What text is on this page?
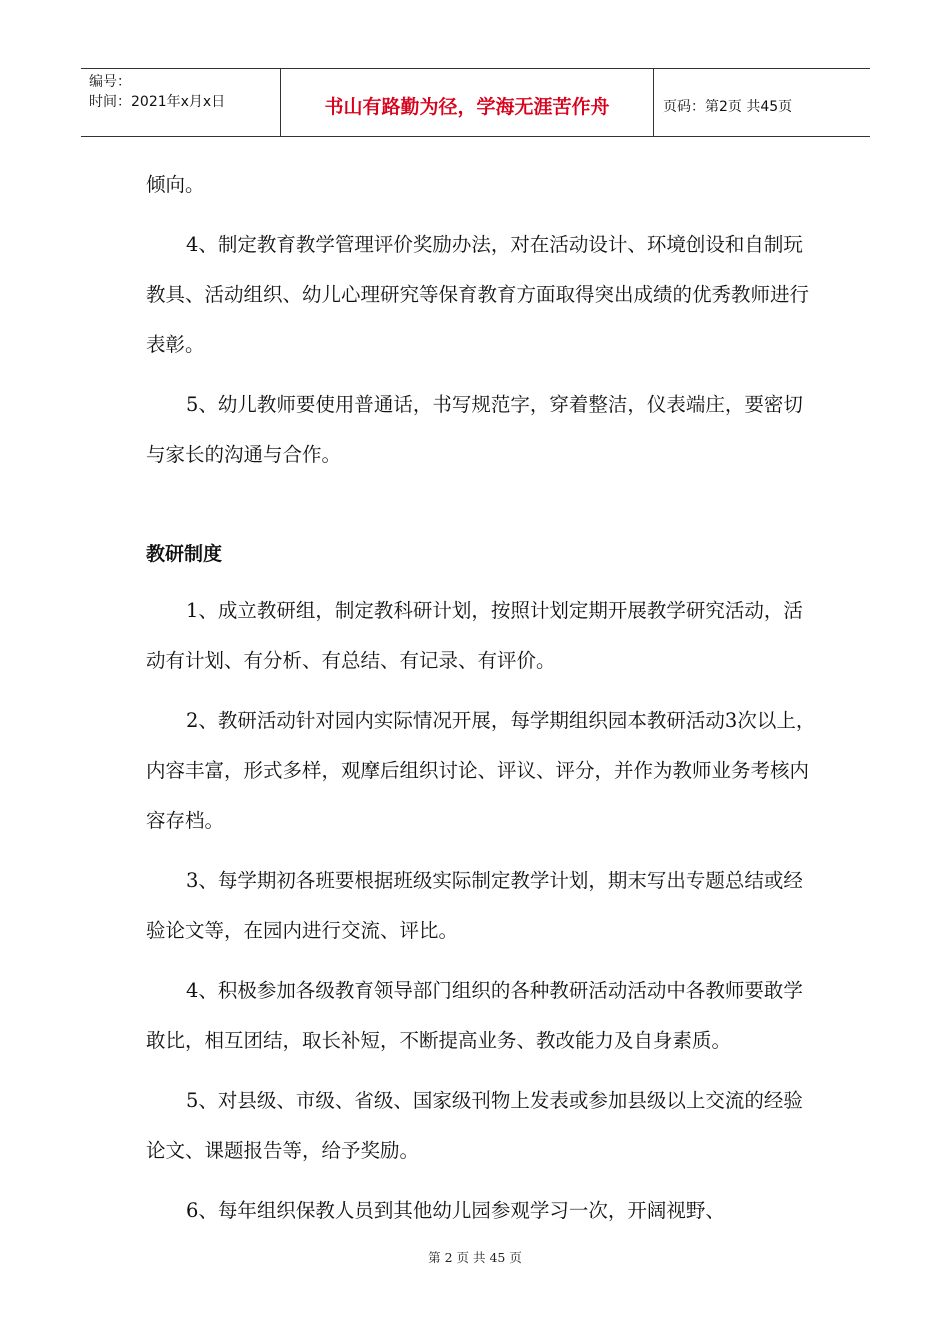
编号：
时间：2021年x月x日	书山有路勤为径，学海无涯苦作舟	页码：第2页 共45页

倾向。

4、制定教育教学管理评价奖励办法，对在活动设计、环境创设和自制玩教具、活动组织、幼儿心理研究等保育教育方面取得突出成绩的优秀教师进行表彰。

5、幼儿教师要使用普通话，书写规范字，穿着整洁，仪表端庄，要密切与家长的沟通与合作。

教研制度

1、成立教研组，制定教科研计划，按照计划定期开展教学研究活动，活动有计划、有分析、有总结、有记录、有评价。

2、教研活动针对园内实际情况开展，每学期组织园本教研活动3次以上，内容丰富，形式多样，观摩后组织讨论、评议、评分，并作为教师业务考核内容存档。

3、每学期初各班要根据班级实际制定教学计划，期末写出专题总结或经验论文等，在园内进行交流、评比。

4、积极参加各级教育领导部门组织的各种教研活动活动中各教师要敢学敢比，相互团结，取长补短，不断提高业务、教改能力及自身素质。

5、对县级、市级、省级、国家级刊物上发表或参加县级以上交流的经验论文、课题报告等，给予奖励。

6、每年组织保教人员到其他幼儿园参观学习一次，开阔视野、

第 2 页 共 45 页
